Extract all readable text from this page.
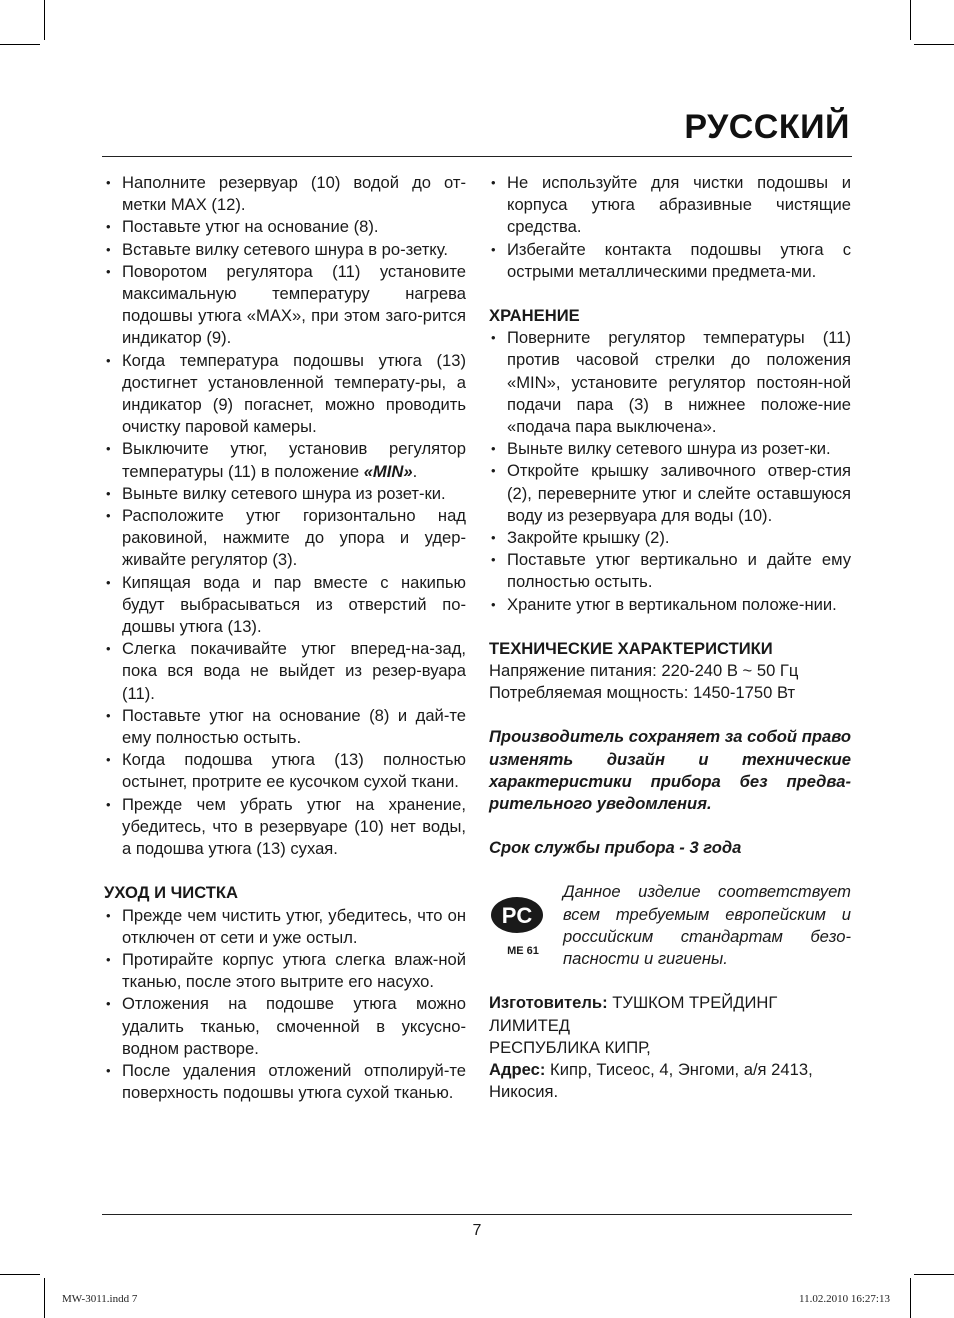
РУССКИЙ
• Наполните резервуар (10) водой до от-метки MAX (12).
• Поставьте утюг на основание (8).
• Вставьте вилку сетевого шнура в ро-зетку.
• Поворотом регулятора (11) установите максимальную температуру нагрева подошвы утюга «MAX», при этом заго-рится индикатор (9).
• Когда температура подошвы утюга (13) достигнет установленной температу-ры, а индикатор (9) погаснет, можно проводить очистку паровой камеры.
• Выключите утюг, установив регулятор температуры (11) в положение «MIN».
• Выньте вилку сетевого шнура из розет-ки.
• Расположите утюг горизонтально над раковиной, нажмите до упора и удер-живайте регулятор (3).
• Кипящая вода и пар вместе с накипью будут выбрасываться из отверстий по-дошвы утюга (13).
• Слегка покачивайте утюг вперед-на-зад, пока вся вода не выйдет из резер-вуара (11).
• Поставьте утюг на основание (8) и дай-те ему полностью остыть.
• Когда подошва утюга (13) полностью остынет, протрите ее кусочком сухой ткани.
• Прежде чем убрать утюг на хранение, убедитесь, что в резервуаре (10) нет воды, а подошва утюга (13) сухая.

УХОД И ЧИСТКА

• Прежде чем чистить утюг, убедитесь, что он отключен от сети и уже остыл.
• Протирайте корпус утюга слегка влаж-ной тканью, после этого вытрите его насухо.
• Отложения на подошве утюга можно удалить тканью, смоченной в уксусно-водном растворе.
• После удаления отложений отполируй-те поверхность подошвы утюга сухой тканью.
• Не используйте для чистки подошвы и корпуса утюга абразивные чистящие средства.
• Избегайте контакта подошвы утюга с острыми металлическими предмета-ми.

ХРАНЕНИЕ

• Поверните регулятор температуры (11) против часовой стрелки до положения «MIN», установите регулятор постоян-ной подачи пара (3) в нижнее положе-ние «подача пара выключена».
• Выньте вилку сетевого шнура из розет-ки.
• Откройте крышку заливочного отвер-стия (2), переверните утюг и слейте оставшуюся воду из резервуара для воды (10).
• Закройте крышку (2).
• Поставьте утюг вертикально и дайте ему полностью остыть.
• Храните утюг в вертикальном положе-нии.

ТЕХНИЧЕСКИЕ ХАРАКТЕРИСТИКИ

Напряжение питания: 220-240 В ~ 50 Гц
Потребляемая мощность: 1450-1750 Вт
Производитель сохраняет за собой право изменять дизайн и технические характеристики прибора без предва-рительного уведомления.
Срок службы прибора - 3 года
PC
ME 61
Данное изделие соответствует всем требуемым европейским и российским стандартам безо-пасности и гигиены.
Изготовитель: ТУШКОМ ТРЕЙДИНГ ЛИМИТЕД
РЕСПУБЛИКА КИПР,
Адрес: Кипр, Тисеос, 4, Энгоми, а/я 2413, Никосия.
7
MW-3011.indd 7	11.02.2010 16:27:13
